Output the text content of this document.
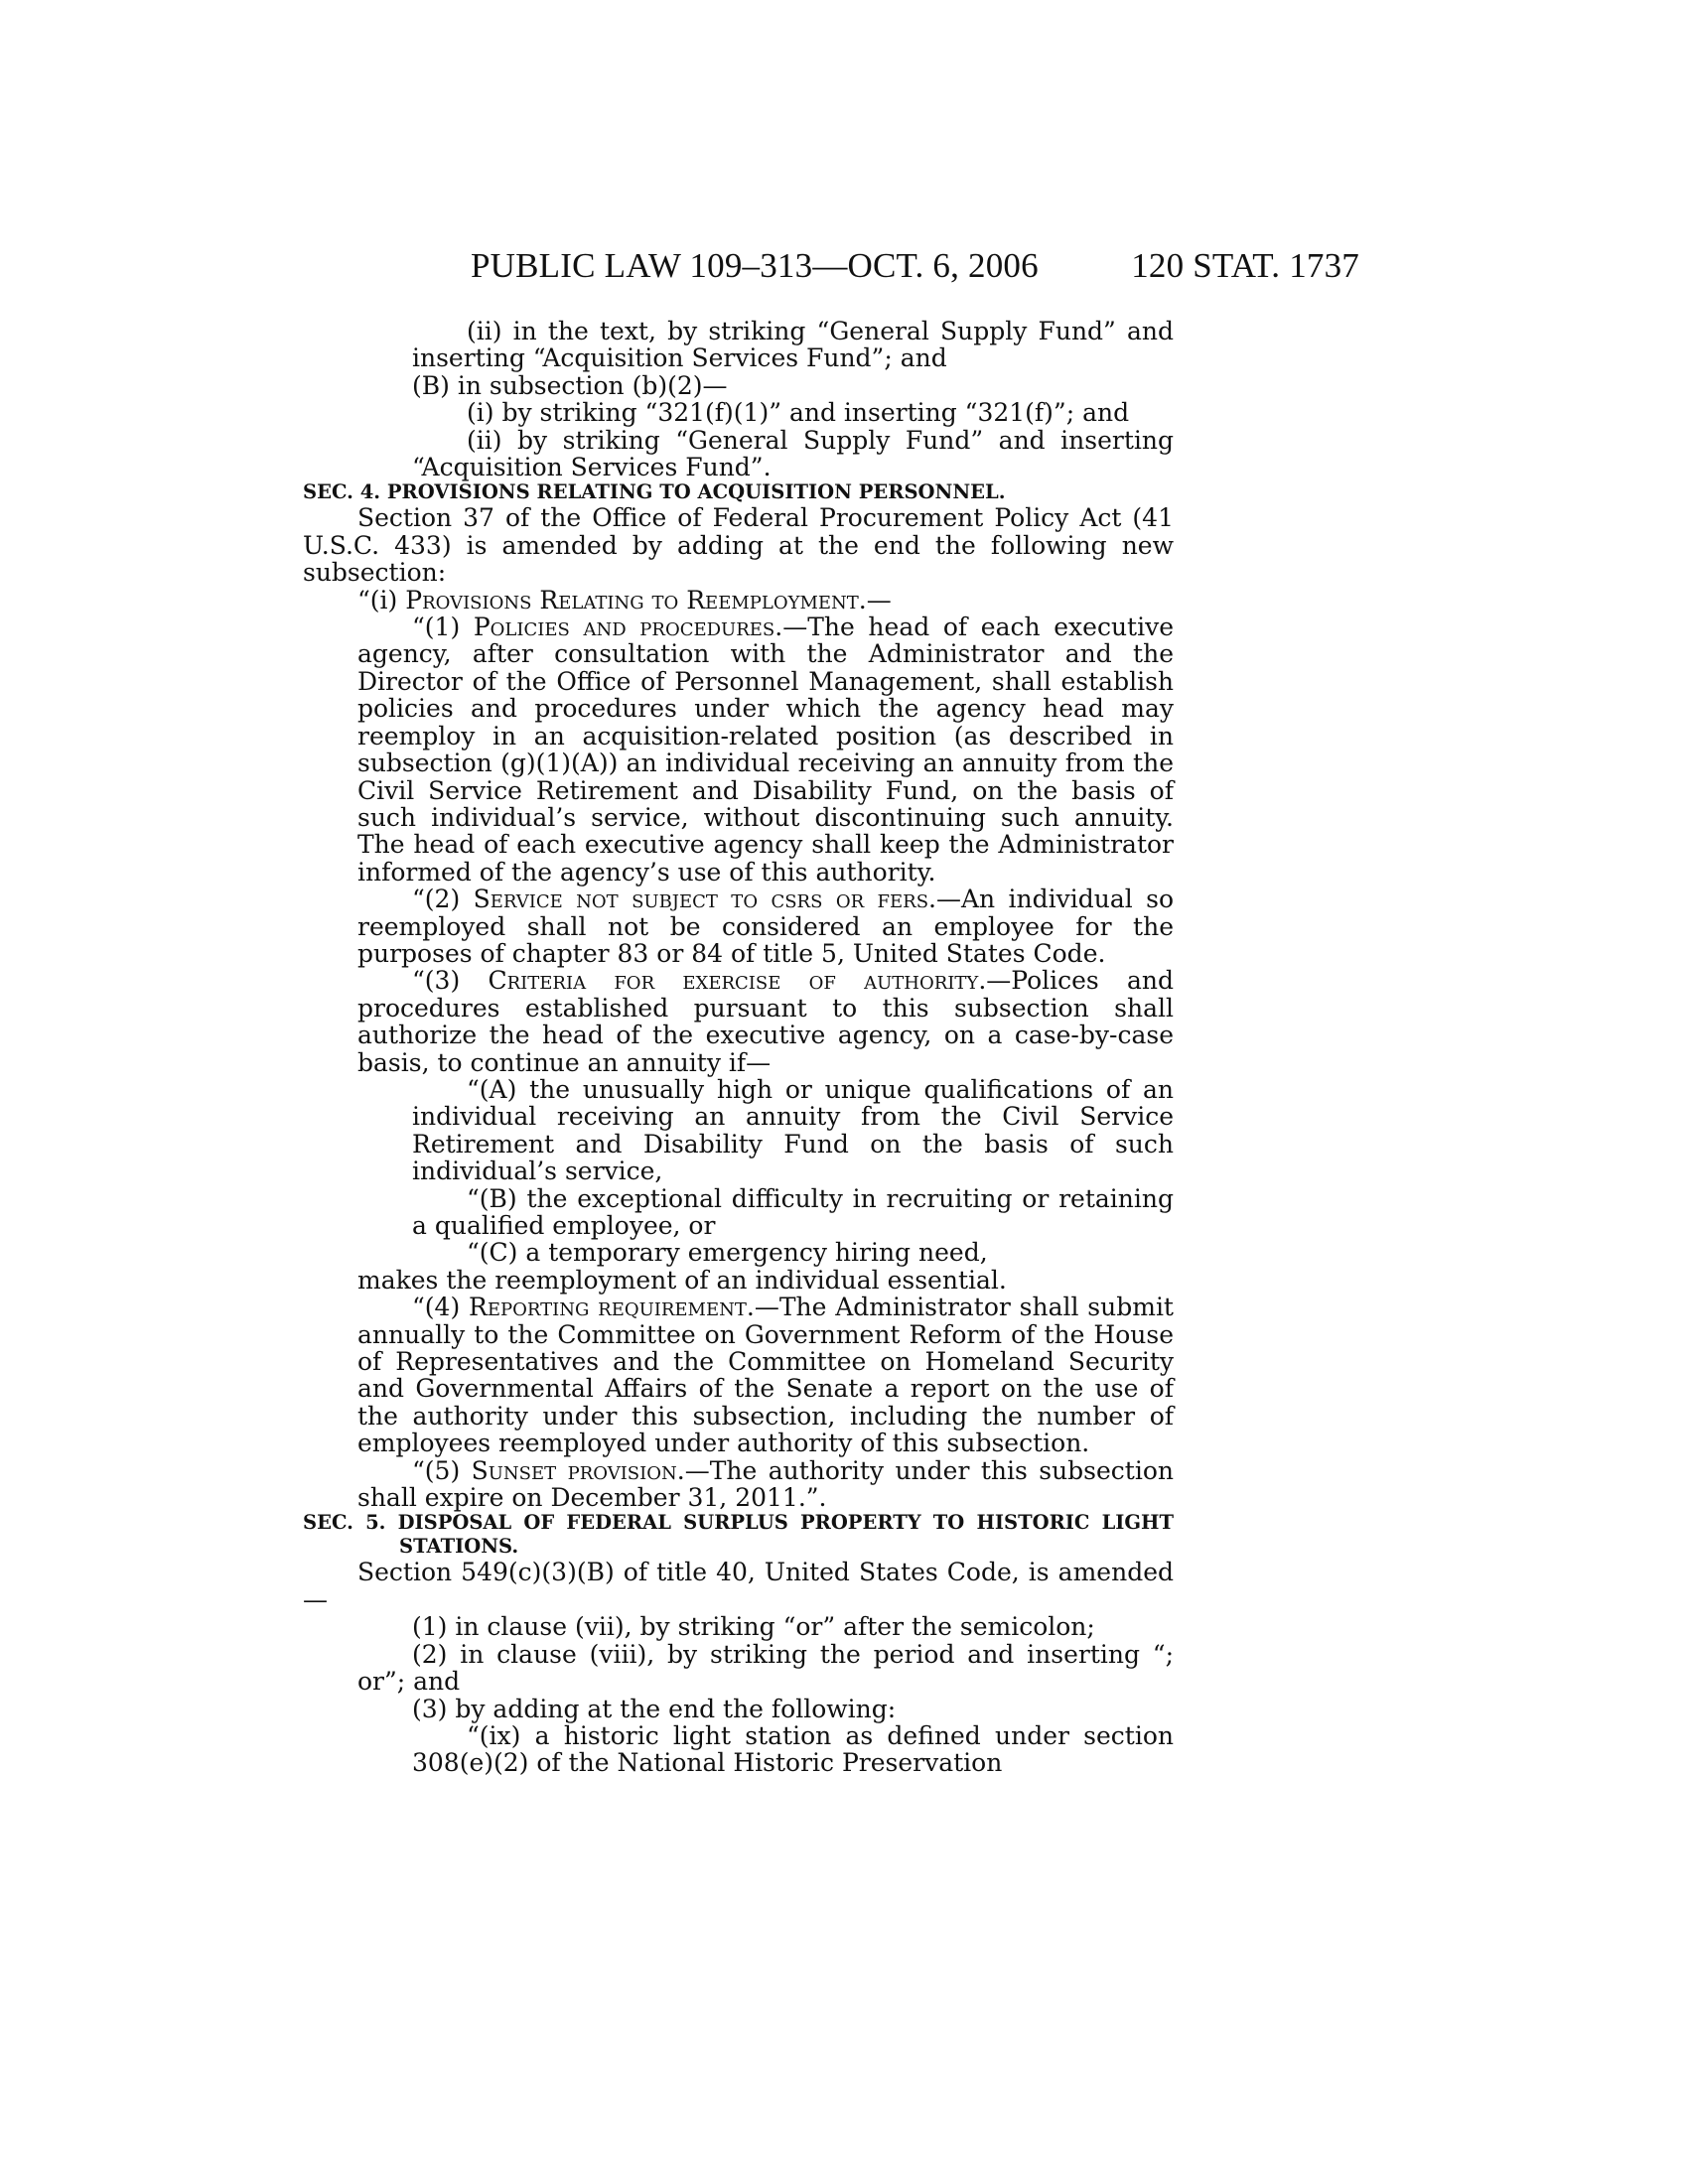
PUBLIC LAW 109–313—OCT. 6, 2006	120 STAT. 1737

(ii) in the text, by striking “General Supply Fund” and inserting “Acquisition Services Fund”; and

(B) in subsection (b)(2)—

(i) by striking “321(f)(1)” and inserting “321(f)”; and

(ii) by striking “General Supply Fund” and inserting “Acquisition Services Fund”.

SEC. 4. PROVISIONS RELATING TO ACQUISITION PERSONNEL.

Section 37 of the Office of Federal Procurement Policy Act (41 U.S.C. 433) is amended by adding at the end the following new subsection:

“(i) Provisions Relating to Reemployment.—

“(1) Policies and procedures.—The head of each executive agency, after consultation with the Administrator and the Director of the Office of Personnel Management, shall establish policies and procedures under which the agency head may reemploy in an acquisition-related position (as described in subsection (g)(1)(A)) an individual receiving an annuity from the Civil Service Retirement and Disability Fund, on the basis of such individual’s service, without discontinuing such annuity. The head of each executive agency shall keep the Administrator informed of the agency’s use of this authority.

“(2) Service not subject to csrs or fers.—An individual so reemployed shall not be considered an employee for the purposes of chapter 83 or 84 of title 5, United States Code.

“(3) Criteria for exercise of authority.—Polices and procedures established pursuant to this subsection shall authorize the head of the executive agency, on a case-by-case basis, to continue an annuity if—

“(A) the unusually high or unique qualifications of an individual receiving an annuity from the Civil Service Retirement and Disability Fund on the basis of such individual’s service,

“(B) the exceptional difficulty in recruiting or retaining a qualified employee, or

“(C) a temporary emergency hiring need,

makes the reemployment of an individual essential.

“(4) Reporting requirement.—The Administrator shall submit annually to the Committee on Government Reform of the House of Representatives and the Committee on Homeland Security and Governmental Affairs of the Senate a report on the use of the authority under this subsection, including the number of employees reemployed under authority of this subsection.

“(5) Sunset provision.—The authority under this subsection shall expire on December 31, 2011.”.

SEC. 5. DISPOSAL OF FEDERAL SURPLUS PROPERTY TO HISTORIC LIGHT STATIONS.

Section 549(c)(3)(B) of title 40, United States Code, is amended—

(1) in clause (vii), by striking “or” after the semicolon;

(2) in clause (viii), by striking the period and inserting “; or”; and

(3) by adding at the end the following:

“(ix) a historic light station as defined under section 308(e)(2) of the National Historic Preservation
